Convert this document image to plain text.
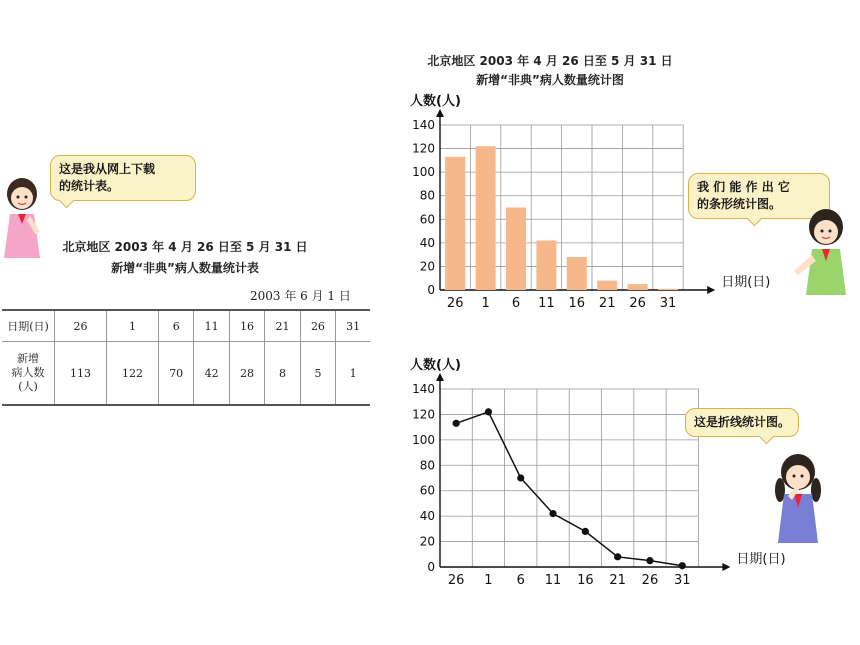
这是我从网上下载
的统计表。
北京地区 2003 年 4 月 26 日至 5 月 31 日
新增“非典”病人数量统计表
2003 年 6 月 1 日
日期(日)	26	1	6	11	16	21	26	31

新增
病人数
(人)	113	122	70	42	28	8	5	1
北京地区 2003 年 4 月 26 日至 5 月 31 日
新增“非典”病人数量统计图
0
20
40
60
80
100
120
140
人数(人)
日期(日)
26 1 6 11 16 21 26 31
我 们 能 作 出 它
的条形统计图。
0
20
40
60
80
100
120
140
人数(人)
日期(日)
26 1 6 11 16 21 26 31
这是折线统计图。
